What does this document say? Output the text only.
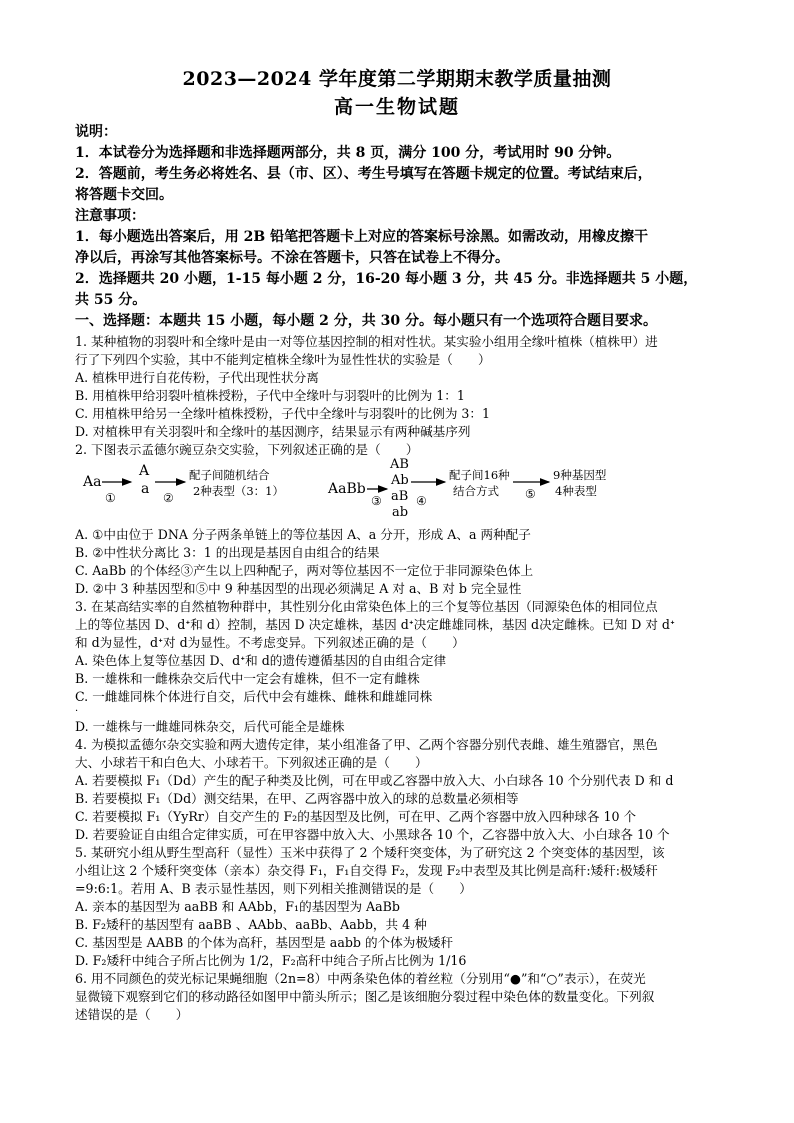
2023—2024 学年度第二学期期末教学质量抽测
高一生物试题
说明：
1．本试卷分为选择题和非选择题两部分，共 8 页，满分 100 分，考试用时 90 分钟。
2．答题前，考生务必将姓名、县（市、区）、考生号填写在答题卡规定的位置。考试结束后，
将答题卡交回。
注意事项：
1．每小题选出答案后，用 2B 铅笔把答题卡上对应的答案标号涂黑。如需改动，用橡皮擦干
净以后，再涂写其他答案标号。不涂在答题卡，只答在试卷上不得分。
2．选择题共 20 小题，1-15 每小题 2 分，16-20 每小题 3 分，共 45 分。非选择题共 5 小题，
共 55 分。
一、选择题：本题共 15 小题，每小题 2 分，共 30 分。每小题只有一个选项符合题目要求。
1. 某种植物的羽裂叶和全缘叶是由一对等位基因控制的相对性状。某实验小组用全缘叶植株（植株甲）进
行了下列四个实验，其中不能判定植株全缘叶为显性性状的实验是（　　）
A. 植株甲进行自花传粉，子代出现性状分离
B. 用植株甲给羽裂叶植株授粉，子代中全缘叶与羽裂叶的比例为 1：1
C. 用植株甲给另一全缘叶植株授粉，子代中全缘叶与羽裂叶的比例为 3：1
D. 对植株甲有关羽裂叶和全缘叶的基因测序，结果显示有两种碱基序列
2. 下图表示孟德尔豌豆杂交实验，下列叙述正确的是（　　）
Aa
①
A
a
②
配子间随机结合
2种表型（3：1）	AaBb
③
AB
Ab
aB
ab
④
配子间16种
结合方式 ⑤
9种基因型
4种表型
A. ①中由位于 DNA 分子两条单链上的等位基因 A、a 分开，形成 A、a 两种配子
B. ②中性状分离比 3：1 的出现是基因自由组合的结果
C. AaBb 的个体经③产生以上四种配子，两对等位基因不一定位于非同源染色体上
D. ②中 3 种基因型和⑤中 9 种基因型的出现必须满足 A 对 a、B 对 b 完全显性
3. 在某高结实率的自然植物种群中，其性别分化由常染色体上的三个复等位基因（同源染色体的相同位点
上的等位基因 D、dᐩ和 d）控制，基因 D 决定雄株，基因 dᐩ决定雌雄同株，基因 d决定雌株。已知 D 对 dᐩ
和 d为显性，dᐩ对 d为显性。不考虑变异。下列叙述正确的是（　　）
A. 染色体上复等位基因 D、dᐩ和 d的遗传遵循基因的自由组合定律
B. 一雄株和一雌株杂交后代中一定会有雄株，但不一定有雌株
C. 一雌雄同株个体进行自交，后代中会有雄株、雌株和雌雄同株
·
D. 一雄株与一雌雄同株杂交，后代可能全是雄株
4. 为模拟孟德尔杂交实验和两大遗传定律，某小组准备了甲、乙两个容器分别代表雌、雄生殖器官，黑色
大、小球若干和白色大、小球若干。下列叙述正确的是（　　）
A. 若要模拟 F₁（Dd）产生的配子种类及比例，可在甲或乙容器中放入大、小白球各 10 个分别代表 D 和 d
B. 若要模拟 F₁（Dd）测交结果，在甲、乙两容器中放入的球的总数量必须相等
C. 若要模拟 F₁（YyRr）自交产生的 F₂的基因型及比例，可在甲、乙两个容器中放入四种球各 10 个
D. 若要验证自由组合定律实质，可在甲容器中放入大、小黑球各 10 个，乙容器中放入大、小白球各 10 个
5. 某研究小组从野生型高秆（显性）玉米中获得了 2 个矮秆突变体，为了研究这 2 个突变体的基因型，该
小组让这 2 个矮秆突变体（亲本）杂交得 F₁，F₁自交得 F₂，发现 F₂中表型及其比例是高秆:矮秆:极矮秆
=9:6:1。若用 A、B 表示显性基因，则下列相关推测错误的是（　　）
A. 亲本的基因型为 aaBB 和 AAbb，F₁的基因型为 AaBb
B. F₂矮秆的基因型有 aaBB 、AAbb、aaBb、Aabb，共 4 种
C. 基因型是 AABB 的个体为高秆，基因型是 aabb 的个体为极矮秆
D. F₂矮秆中纯合子所占比例为 1/2，F₂高秆中纯合子所占比例为 1/16
6. 用不同颜色的荧光标记果蝇细胞（2n=8）中两条染色体的着丝粒（分别用“●”和“○”表示），在荧光
显微镜下观察到它们的移动路径如图甲中箭头所示；图乙是该细胞分裂过程中染色体的数量变化。下列叙
述错误的是（　　）
